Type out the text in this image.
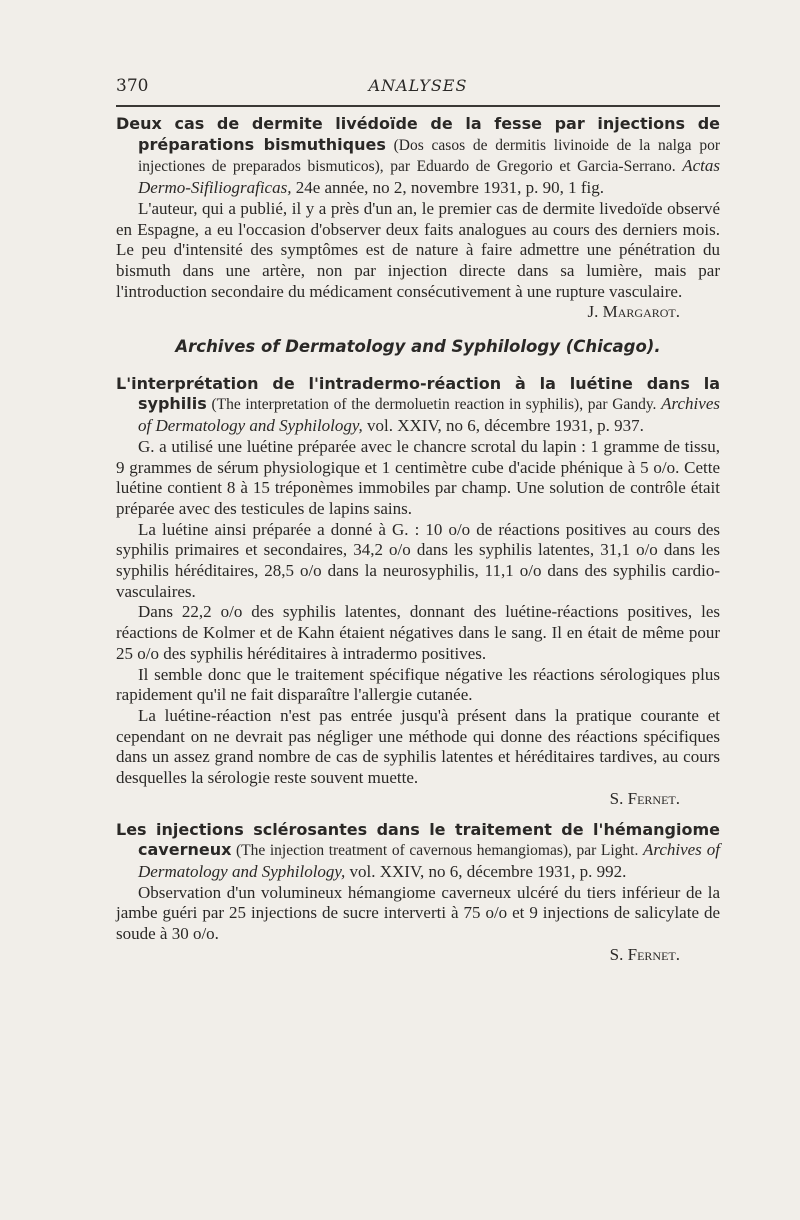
370	ANALYSES

Deux cas de dermite livédoïde de la fesse par injections de préparations bismuthiques (Dos casos de dermitis livinoide de la nalga por injectiones de preparados bismuticos), par Eduardo de Gregorio et Garcia-Serrano. Actas Dermo-Sifiliograficas, 24e année, no 2, novembre 1931, p. 90, 1 fig.

L'auteur, qui a publié, il y a près d'un an, le premier cas de dermite livedoïde observé en Espagne, a eu l'occasion d'observer deux faits analogues au cours des derniers mois. Le peu d'intensité des symptômes est de nature à faire admettre une pénétration du bismuth dans une artère, non par injection directe dans sa lumière, mais par l'introduction secondaire du médicament consécutivement à une rupture vasculaire.

J. Margarot.

Archives of Dermatology and Syphilology (Chicago).

L'interprétation de l'intradermo-réaction à la luétine dans la syphilis (The interpretation of the dermoluetin reaction in syphilis), par Gandy. Archives of Dermatology and Syphilology, vol. XXIV, no 6, décembre 1931, p. 937.

G. a utilisé une luétine préparée avec le chancre scrotal du lapin : 1 gramme de tissu, 9 grammes de sérum physiologique et 1 centimètre cube d'acide phénique à 5 o/o. Cette luétine contient 8 à 15 tréponèmes immobiles par champ. Une solution de contrôle était préparée avec des testicules de lapins sains.

La luétine ainsi préparée a donné à G. : 10 o/o de réactions positives au cours des syphilis primaires et secondaires, 34,2 o/o dans les syphilis latentes, 31,1 o/o dans les syphilis héréditaires, 28,5 o/o dans la neurosyphilis, 11,1 o/o dans des syphilis cardio-vasculaires.

Dans 22,2 o/o des syphilis latentes, donnant des luétine-réactions positives, les réactions de Kolmer et de Kahn étaient négatives dans le sang. Il en était de même pour 25 o/o des syphilis héréditaires à intradermo positives.

Il semble donc que le traitement spécifique négative les réactions sérologiques plus rapidement qu'il ne fait disparaître l'allergie cutanée.

La luétine-réaction n'est pas entrée jusqu'à présent dans la pratique courante et cependant on ne devrait pas négliger une méthode qui donne des réactions spécifiques dans un assez grand nombre de cas de syphilis latentes et héréditaires tardives, au cours desquelles la sérologie reste souvent muette.

S. Fernet.

Les injections sclérosantes dans le traitement de l'hémangiome caverneux (The injection treatment of cavernous hemangiomas), par Light. Archives of Dermatology and Syphilology, vol. XXIV, no 6, décembre 1931, p. 992.

Observation d'un volumineux hémangiome caverneux ulcéré du tiers inférieur de la jambe guéri par 25 injections de sucre interverti à 75 o/o et 9 injections de salicylate de soude à 30 o/o.

S. Fernet.
